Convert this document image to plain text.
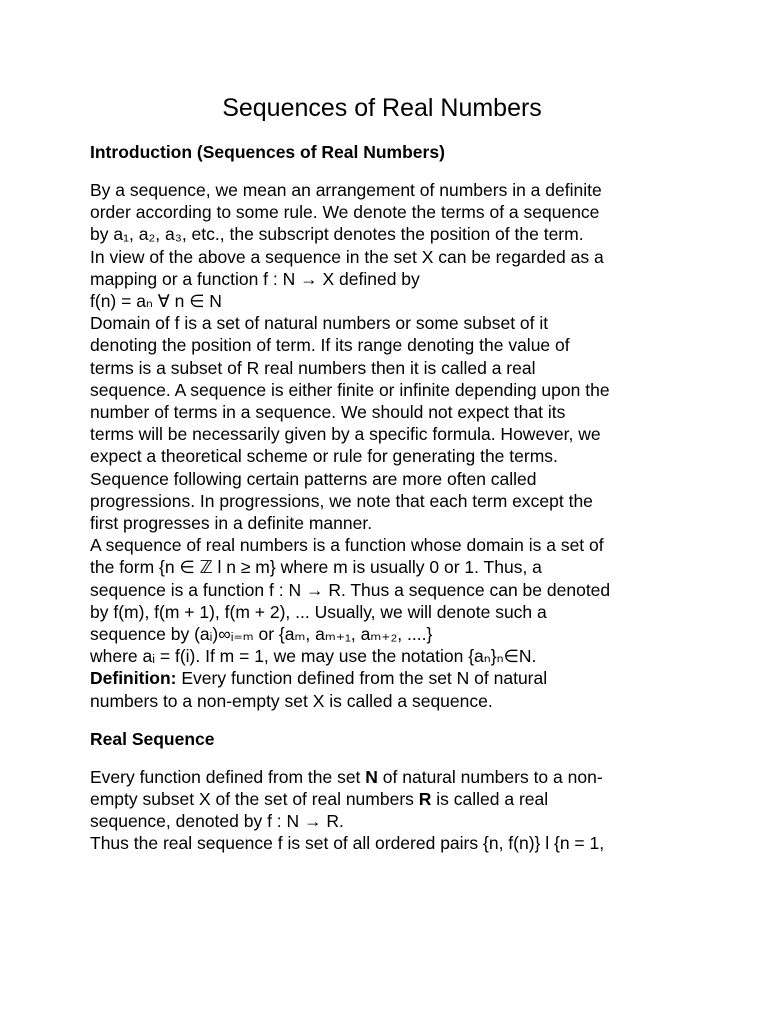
Sequences of Real Numbers
Introduction (Sequences of Real Numbers)
By a sequence, we mean an arrangement of numbers in a definite
order according to some rule. We denote the terms of a sequence
by a₁, a₂, a₃, etc., the subscript denotes the position of the term.
In view of the above a sequence in the set X can be regarded as a
mapping or a function f : N → X defined by
f(n) = aₙ ∀ n ∈ N
Domain of f is a set of natural numbers or some subset of it
denoting the position of term. If its range denoting the value of
terms is a subset of R real numbers then it is called a real
sequence. A sequence is either finite or infinite depending upon the
number of terms in a sequence. We should not expect that its
terms will be necessarily given by a specific formula. However, we
expect a theoretical scheme or rule for generating the terms.
Sequence following certain patterns are more often called
progressions. In progressions, we note that each term except the
first progresses in a definite manner.
A sequence of real numbers is a function whose domain is a set of
the form {n ∈ ℤ l n ≥ m} where m is usually 0 or 1. Thus, a
sequence is a function f : N → R. Thus a sequence can be denoted
by f(m), f(m + 1), f(m + 2), ... Usually, we will denote such a
sequence by (aᵢ)∞ᵢ₌ₘ or {aₘ, aₘ₊₁, aₘ₊₂, ....}
where aᵢ = f(i). If m = 1, we may use the notation {aₙ}ₙ∈N.
Definition: Every function defined from the set N of natural
numbers to a non-empty set X is called a sequence.
Real Sequence
Every function defined from the set N of natural numbers to a non-
empty subset X of the set of real numbers R is called a real
sequence, denoted by f : N → R.
Thus the real sequence f is set of all ordered pairs {n, f(n)} l {n = 1,
